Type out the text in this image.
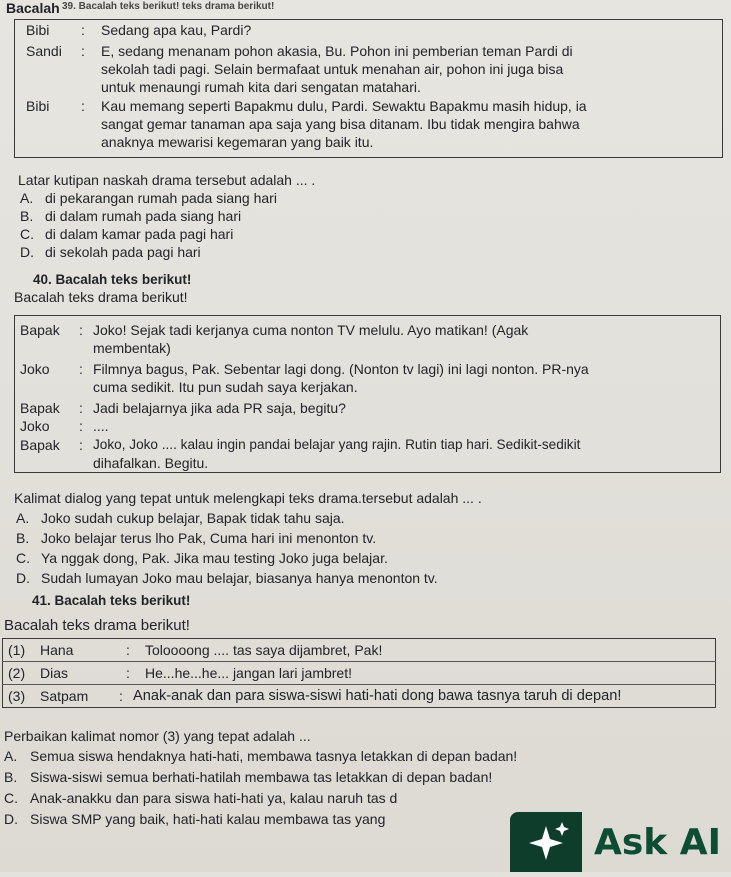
Bacalah 39. Bacalah teks berikut! teks drama berikut!
Bibi : Sedang apa kau, Pardi?
Sandi : E, sedang menanam pohon akasia, Bu. Pohon ini pemberian teman Pardi di
sekolah tadi pagi. Selain bermafaat untuk menahan air, pohon ini juga bisa
untuk menaungi rumah kita dari sengatan matahari.
Bibi : Kau memang seperti Bapakmu dulu, Pardi. Sewaktu Bapakmu masih hidup, ia
sangat gemar tanaman apa saja yang bisa ditanam. Ibu tidak mengira bahwa
anaknya mewarisi kegemaran yang baik itu.
Latar kutipan naskah drama tersebut adalah ... .
A. di pekarangan rumah pada siang hari
B. di dalam rumah pada siang hari
C. di dalam kamar pada pagi hari
D. di sekolah pada pagi hari
40. Bacalah teks berikut!
Bacalah teks drama berikut!
Bapak : Joko! Sejak tadi kerjanya cuma nonton TV melulu. Ayo matikan! (Agak
membentak)
Joko : Filmnya bagus, Pak. Sebentar lagi dong. (Nonton tv lagi) ini lagi nonton. PR-nya
cuma sedikit. Itu pun sudah saya kerjakan.
Bapak : Jadi belajarnya jika ada PR saja, begitu?
Joko : ....
Bapak : Joko, Joko .... kalau ingin pandai belajar yang rajin. Rutin tiap hari. Sedikit-sedikit
dihafalkan. Begitu.
Kalimat dialog yang tepat untuk melengkapi teks drama.tersebut adalah ... .
A. Joko sudah cukup belajar, Bapak tidak tahu saja.
B. Joko belajar terus lho Pak, Cuma hari ini menonton tv.
C. Ya nggak dong, Pak. Jika mau testing Joko juga belajar.
D. Sudah lumayan Joko mau belajar, biasanya hanya menonton tv.
41. Bacalah teks berikut!
Bacalah teks drama berikut!
(1) Hana	: Toloooong .... tas saya dijambret, Pak!
(2) Dias	: He...he...he... jangan lari jambret!
(3) Satpam : Anak-anak dan para siswa-siswi hati-hati dong bawa tasnya taruh di depan!
Perbaikan kalimat nomor (3) yang tepat adalah ...
A. Semua siswa hendaknya hati-hati, membawa tasnya letakkan di depan badan!
B. Siswa-siswi semua berhati-hatilah membawa tas letakkan di depan badan!
C. Anak-anakku dan para siswa hati-hati ya, kalau naruh tas d
D. Siswa SMP yang baik, hati-hati kalau membawa tas yang
Ask AI
